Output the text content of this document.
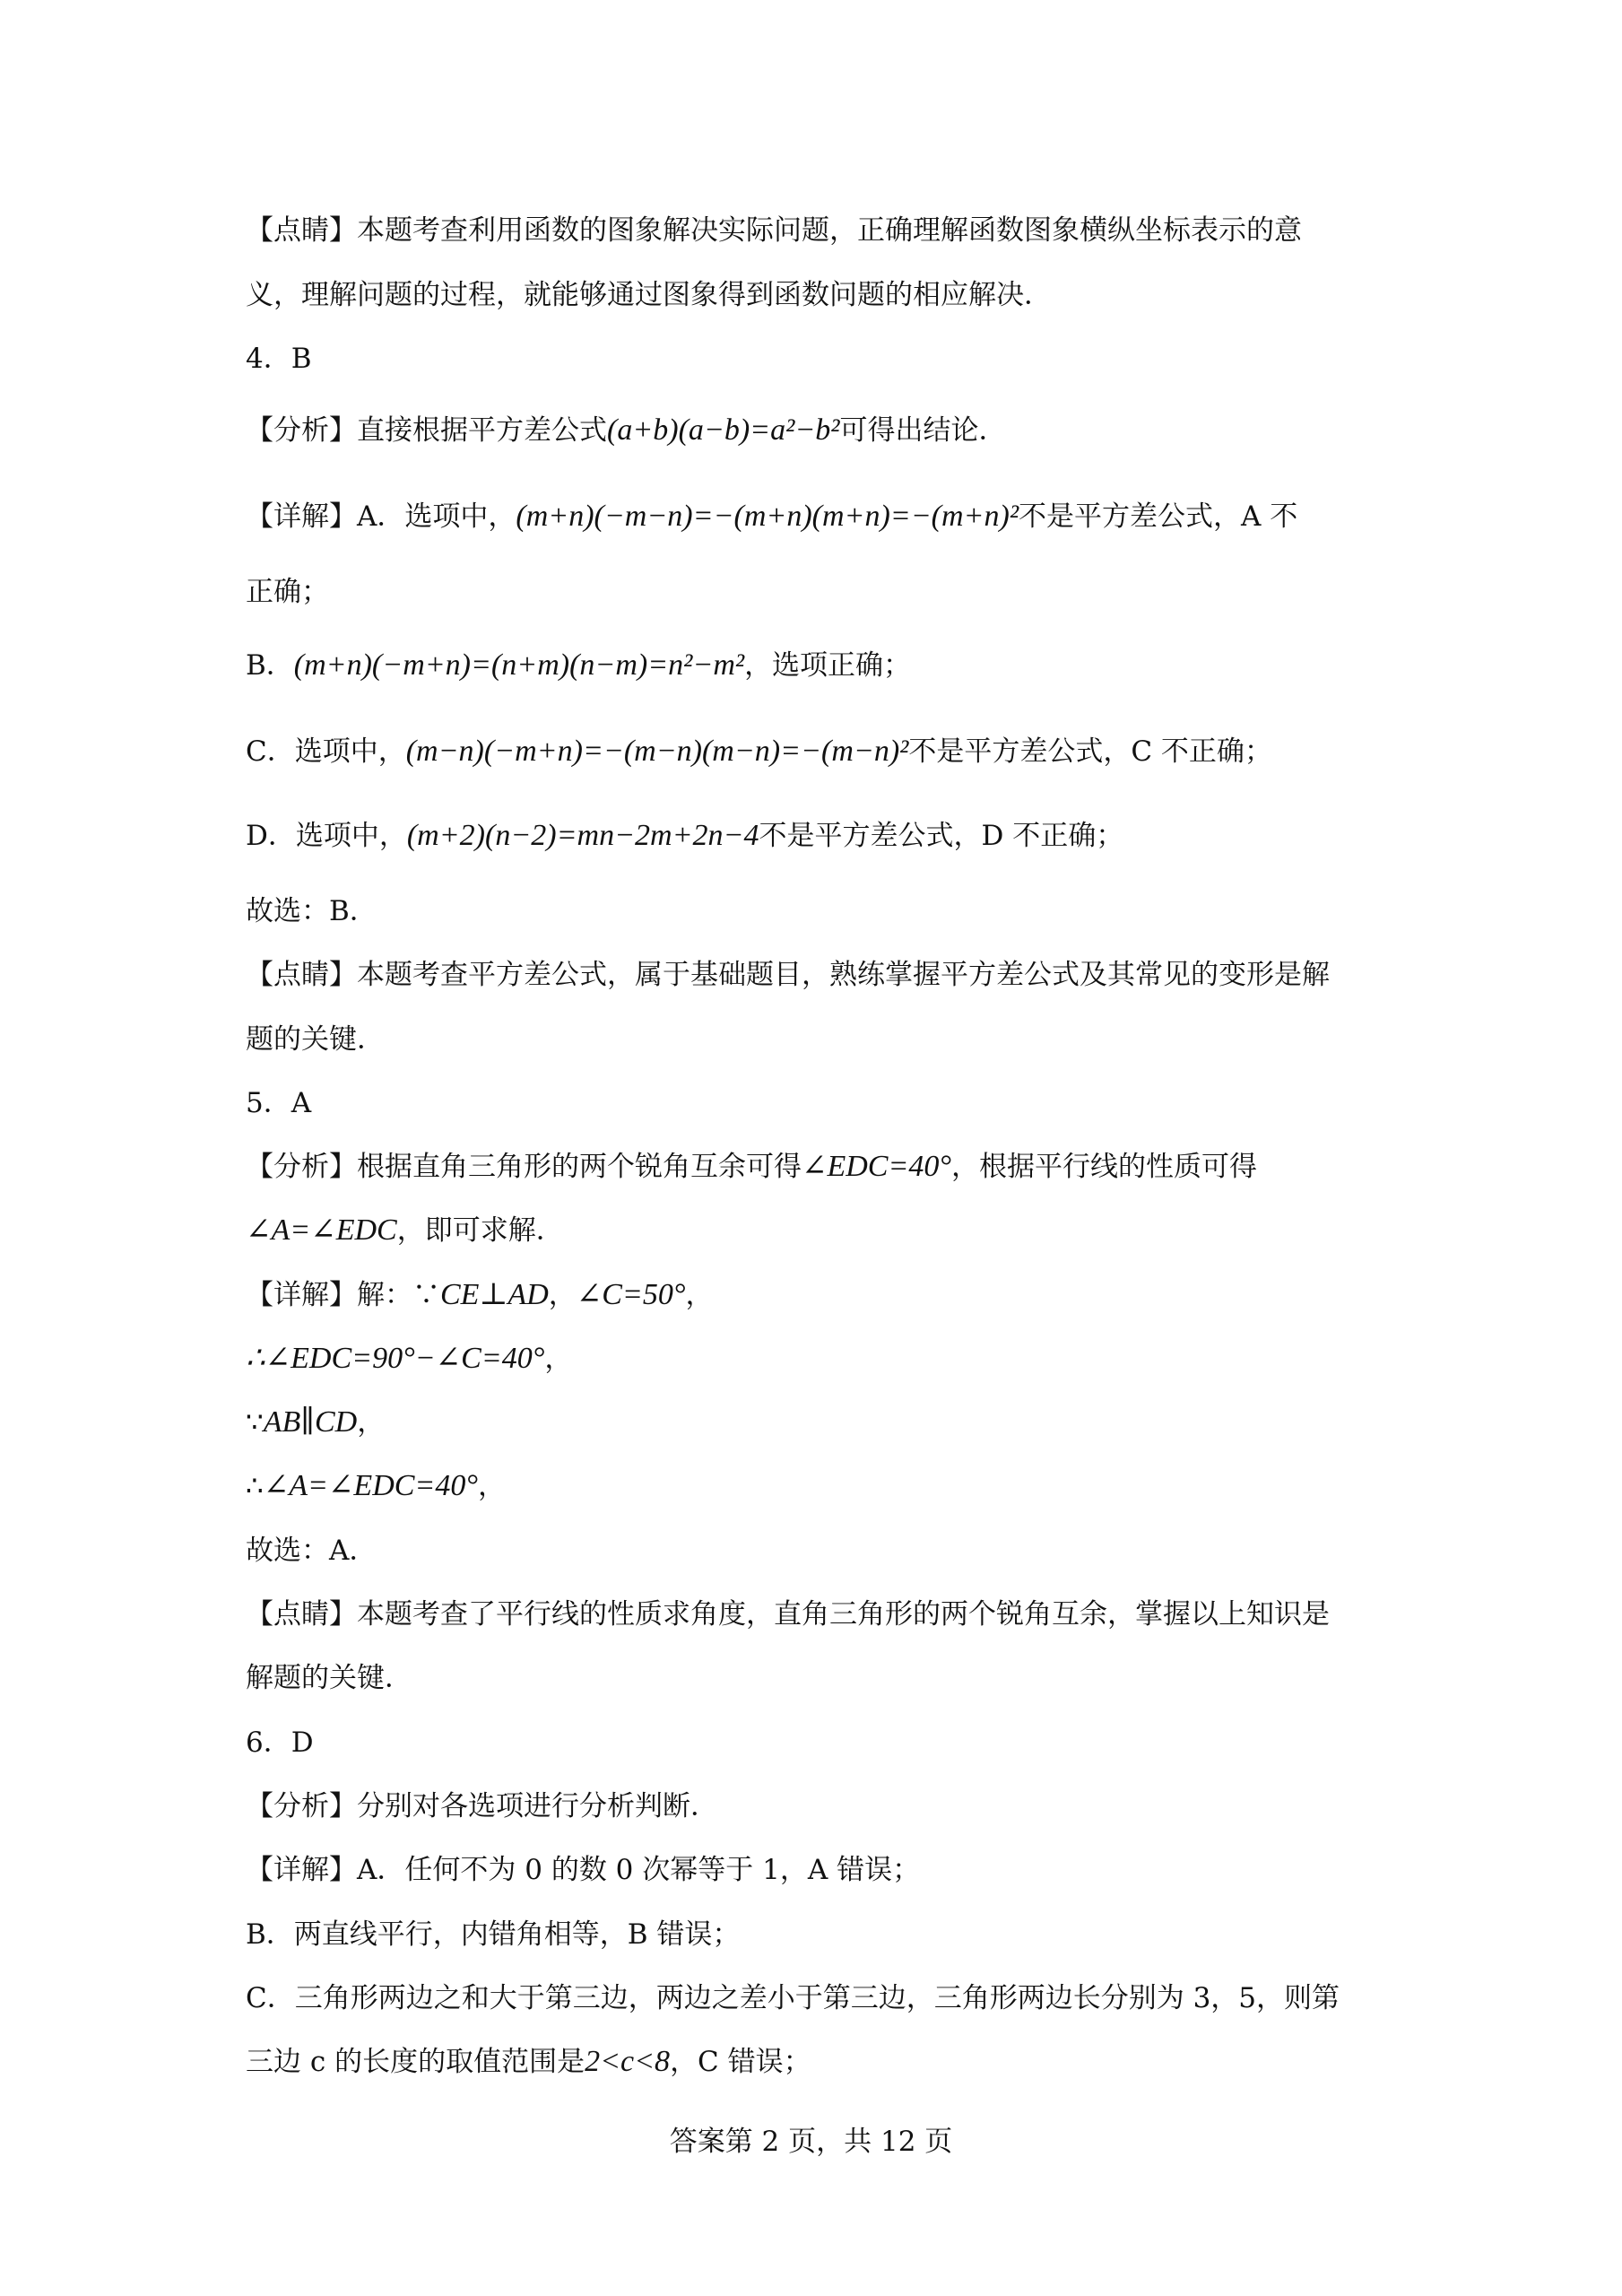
【点睛】本题考查利用函数的图象解决实际问题，正确理解函数图象横纵坐标表示的意
义，理解问题的过程，就能够通过图象得到函数问题的相应解决．
4．B
【分析】直接根据平方差公式(a+b)(a−b)=a²−b²可得出结论．
【详解】A．选项中，(m+n)(−m−n)=−(m+n)(m+n)=−(m+n)²不是平方差公式，A 不
正确；
B．(m+n)(−m+n)=(n+m)(n−m)=n²−m²，选项正确；
C．选项中，(m−n)(−m+n)=−(m−n)(m−n)=−(m−n)²不是平方差公式，C 不正确；
D．选项中，(m+2)(n−2)=mn−2m+2n−4不是平方差公式，D 不正确；
故选：B．
【点睛】本题考查平方差公式，属于基础题目，熟练掌握平方差公式及其常见的变形是解
题的关键．
5．A
【分析】根据直角三角形的两个锐角互余可得∠EDC=40°，根据平行线的性质可得
∠A=∠EDC，即可求解．
【详解】解：∵CE⊥AD，∠C=50°，
∴∠EDC=90°−∠C=40°，
∵AB∥CD，
∴∠A=∠EDC=40°，
故选：A．
【点睛】本题考查了平行线的性质求角度，直角三角形的两个锐角互余，掌握以上知识是
解题的关键．
6．D
【分析】分别对各选项进行分析判断．
【详解】A．任何不为 0 的数 0 次幂等于 1，A 错误；
B．两直线平行，内错角相等，B 错误；
C．三角形两边之和大于第三边，两边之差小于第三边，三角形两边长分别为 3，5，则第
三边 c 的长度的取值范围是2<c<8，C 错误；
答案第 2 页，共 12 页
